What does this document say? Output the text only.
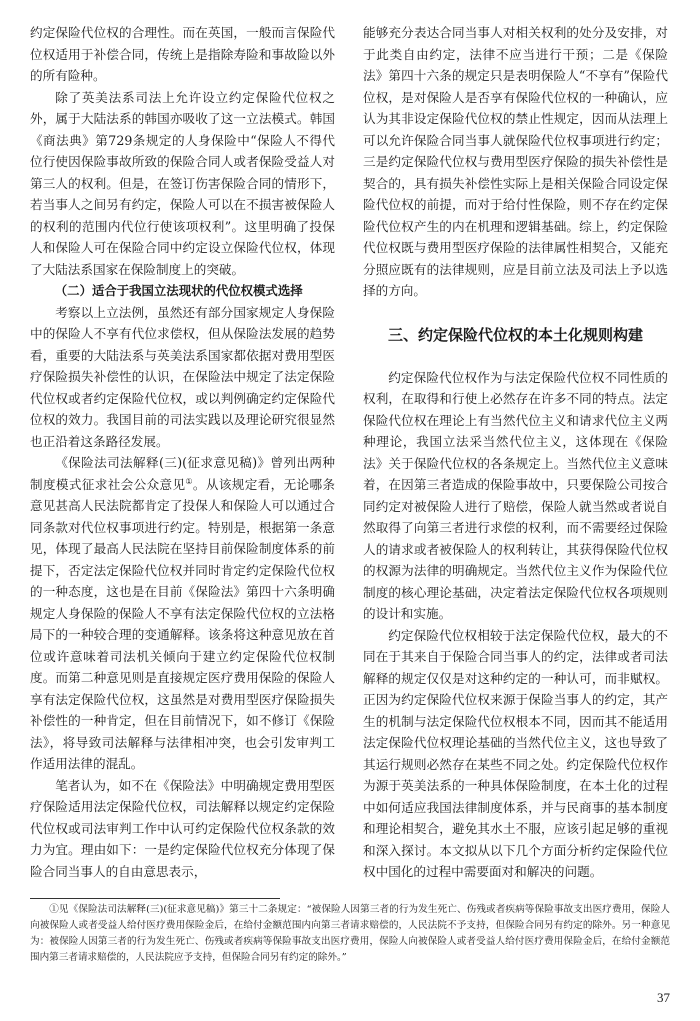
约定保险代位权的合理性。而在英国，一般而言保险代位权适用于补偿合同，传统上是指除寿险和事故险以外的所有险种。

除了英美法系司法上允许设立约定保险代位权之外，属于大陆法系的韩国亦吸收了这一立法模式。韩国《商法典》第729条规定的人身保险中“保险人不得代位行使因保险事故所致的保险合同人或者保险受益人对第三人的权利。但是，在签订伤害保险合同的情形下，若当事人之间另有约定，保险人可以在不损害被保险人的权利的范围内代位行使该项权利”。这里明确了投保人和保险人可在保险合同中约定设立保险代位权，体现了大陆法系国家在保险制度上的突破。

（二）适合于我国立法现状的代位权模式选择

考察以上立法例，虽然还有部分国家规定人身保险中的保险人不享有代位求偿权，但从保险法发展的趋势看，重要的大陆法系与英美法系国家都依据对费用型医疗保险损失补偿性的认识，在保险法中规定了法定保险代位权或者约定保险代位权，或以判例确定约定保险代位权的效力。我国目前的司法实践以及理论研究很显然也正沿着这条路径发展。

《保险法司法解释(三)(征求意见稿)》曾列出两种制度模式征求社会公众意见①。从该规定看，无论哪条意见甚高人民法院都肯定了投保人和保险人可以通过合同条款对代位权事项进行约定。特别是，根据第一条意见，体现了最高人民法院在坚持目前保险制度体系的前提下，否定法定保险代位权并同时肯定约定保险代位权的一种态度，这也是在目前《保险法》第四十六条明确规定人身保险的保险人不享有法定保险代位权的立法格局下的一种较合理的变通解释。该条将这种意见放在首位或许意味着司法机关倾向于建立约定保险代位权制度。而第二种意见则是直接规定医疗费用保险的保险人享有法定保险代位权，这虽然是对费用型医疗保险损失补偿性的一种肯定，但在目前情况下，如不修订《保险法》，将导致司法解释与法律相冲突，也会引发审判工作适用法律的混乱。

笔者认为，如不在《保险法》中明确规定费用型医疗保险适用法定保险代位权，司法解释以规定约定保险代位权或司法审判工作中认可约定保险代位权条款的效力为宜。理由如下：一是约定保险代位权充分体现了保险合同当事人的自由意思表示，

能够充分表达合同当事人对相关权利的处分及安排，对于此类自由约定，法律不应当进行干预；二是《保险法》第四十六条的规定只是表明保险人“不享有”保险代位权，是对保险人是否享有保险代位权的一种确认，应认为其非设定保险代位权的禁止性规定，因而从法理上可以允许保险合同当事人就保险代位权事项进行约定；三是约定保险代位权与费用型医疗保险的损失补偿性是契合的，具有损失补偿性实际上是相关保险合同设定保险代位权的前提，而对于给付性保险，则不存在约定保险代位权产生的内在机理和逻辑基础。综上，约定保险代位权既与费用型医疗保险的法律属性相契合，又能充分照应既有的法律规则，应是目前立法及司法上予以选择的方向。

三、约定保险代位权的本土化规则构建

约定保险代位权作为与法定保险代位权不同性质的权利，在取得和行使上必然存在许多不同的特点。法定保险代位权在理论上有当然代位主义和请求代位主义两种理论，我国立法采当然代位主义，这体现在《保险法》关于保险代位权的各条规定上。当然代位主义意味着，在因第三者造成的保险事故中，只要保险公司按合同约定对被保险人进行了赔偿，保险人就当然或者说自然取得了向第三者进行求偿的权利，而不需要经过保险人的请求或者被保险人的权利转让，其获得保险代位权的权源为法律的明确规定。当然代位主义作为保险代位制度的核心理论基础，决定着法定保险代位权各项规则的设计和实施。

约定保险代位权相较于法定保险代位权，最大的不同在于其来自于保险合同当事人的约定，法律或者司法解释的规定仅仅是对这种约定的一种认可，而非赋权。正因为约定保险代位权来源于保险当事人的约定，其产生的机制与法定保险代位权根本不同，因而其不能适用法定保险代位权理论基础的当然代位主义，这也导致了其运行规则必然存在某些不同之处。约定保险代位权作为源于英美法系的一种具体保险制度，在本土化的过程中如何适应我国法律制度体系，并与民商事的基本制度和理论相契合，避免其水土不服，应该引起足够的重视和深入探讨。本文拟从以下几个方面分析约定保险代位权中国化的过程中需要面对和解决的问题。

①见《保险法司法解释(三)(征求意见稿)》第三十二条规定：“被保险人因第三者的行为发生死亡、伤残或者疾病等保险事故支出医疗费用，保险人向被保险人或者受益人给付医疗费用保险金后，在给付金额范围内向第三者请求赔偿的，人民法院不予支持，但保险合同另有约定的除外。另一种意见为：被保险人因第三者的行为发生死亡、伤残或者疾病等保险事故支出医疗费用，保险人向被保险人或者受益人给付医疗费用保险金后，在给付金额范围内第三者请求赔偿的，人民法院应予支持，但保险合同另有约定的除外。”
37
